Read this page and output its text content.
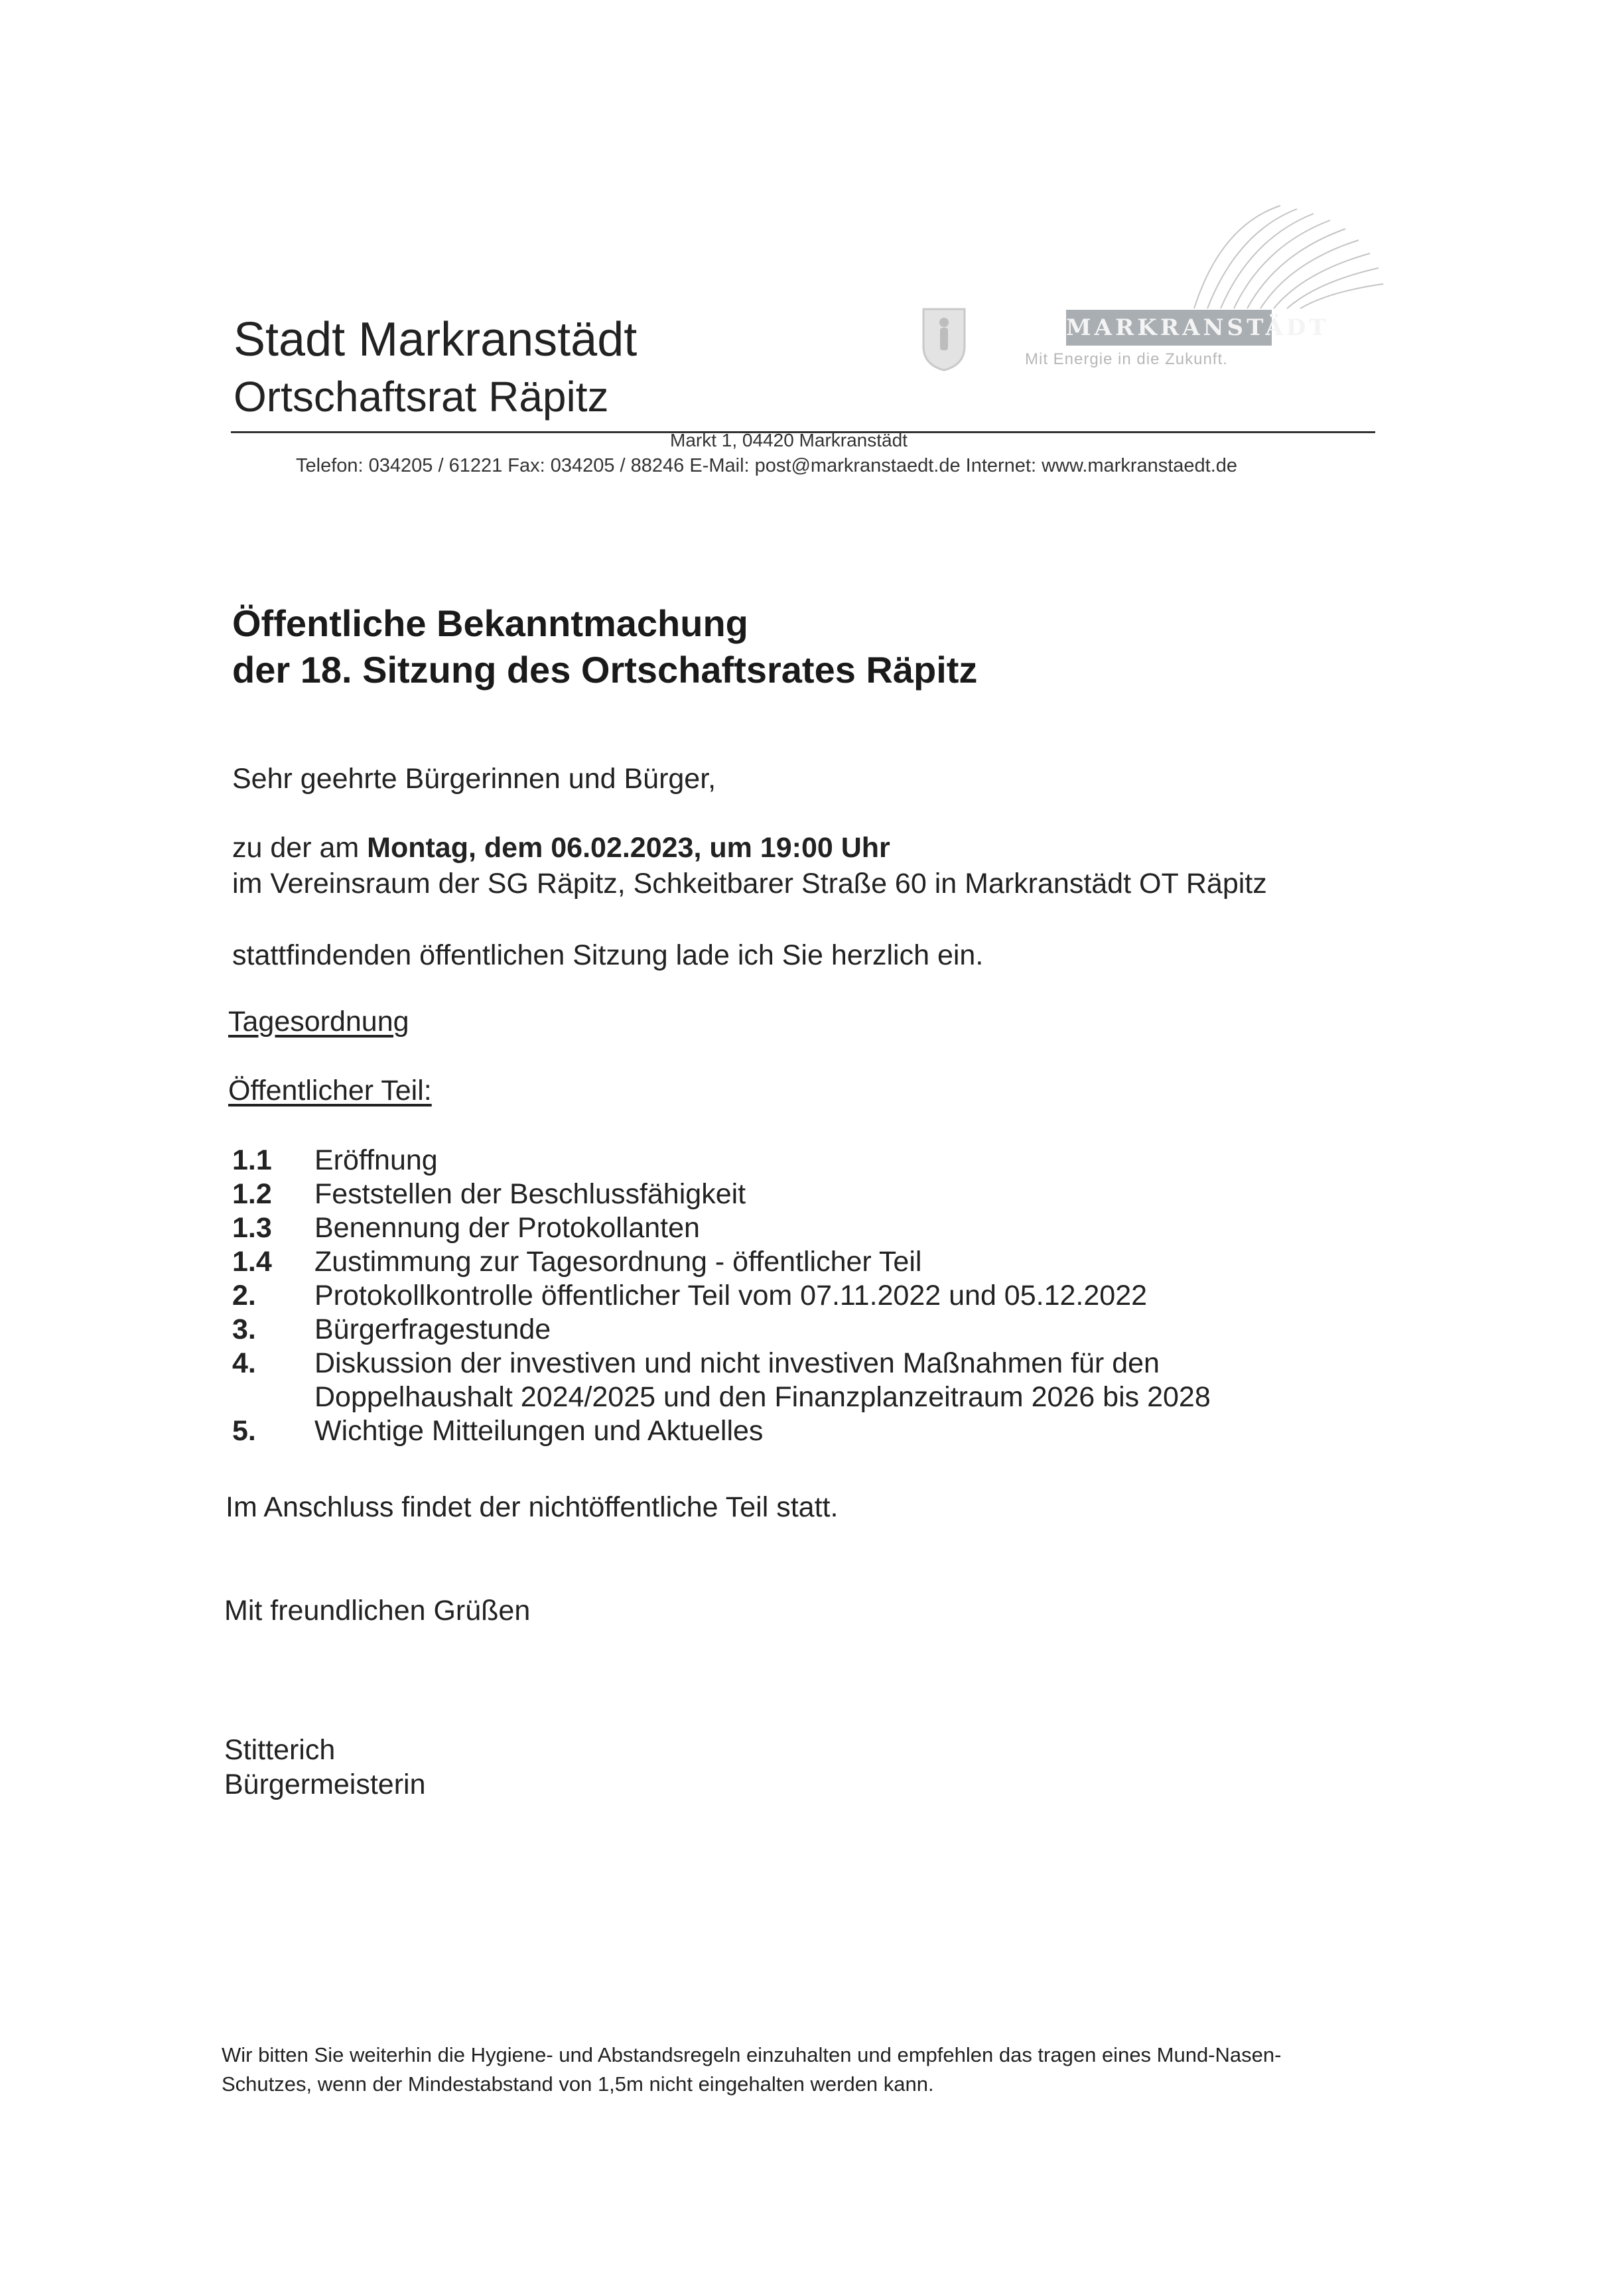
Stadt Markranstädt
Ortschaftsrat Räpitz
MARKRANSTÄDT
Mit Energie in die Zukunft.
Markt 1, 04420 Markranstädt
Telefon: 034205 / 61221 Fax: 034205 / 88246 E-Mail: post@markranstaedt.de Internet: www.markranstaedt.de
Öffentliche Bekanntmachung
der 18. Sitzung des Ortschaftsrates Räpitz
Sehr geehrte Bürgerinnen und Bürger,
zu der am Montag, dem 06.02.2023, um 19:00 Uhr
im Vereinsraum der SG Räpitz, Schkeitbarer Straße 60 in Markranstädt OT Räpitz
stattfindenden öffentlichen Sitzung lade ich Sie herzlich ein.
Tagesordnung
Öffentlicher Teil:
1.1	Eröffnung
1.2	Feststellen der Beschlussfähigkeit
1.3	Benennung der Protokollanten
1.4	Zustimmung zur Tagesordnung - öffentlicher Teil
2.	Protokollkontrolle öffentlicher Teil vom 07.11.2022 und 05.12.2022
3.	Bürgerfragestunde
4.	Diskussion der investiven und nicht investiven Maßnahmen für den
Doppelhaushalt 2024/2025 und den Finanzplanzeitraum 2026 bis 2028
5.	Wichtige Mitteilungen und Aktuelles
Im Anschluss findet der nichtöffentliche Teil statt.
Mit freundlichen Grüßen
Stitterich
Bürgermeisterin
Wir bitten Sie weiterhin die Hygiene- und Abstandsregeln einzuhalten und empfehlen das tragen eines Mund-Nasen-Schutzes, wenn der Mindestabstand von 1,5m nicht eingehalten werden kann.
